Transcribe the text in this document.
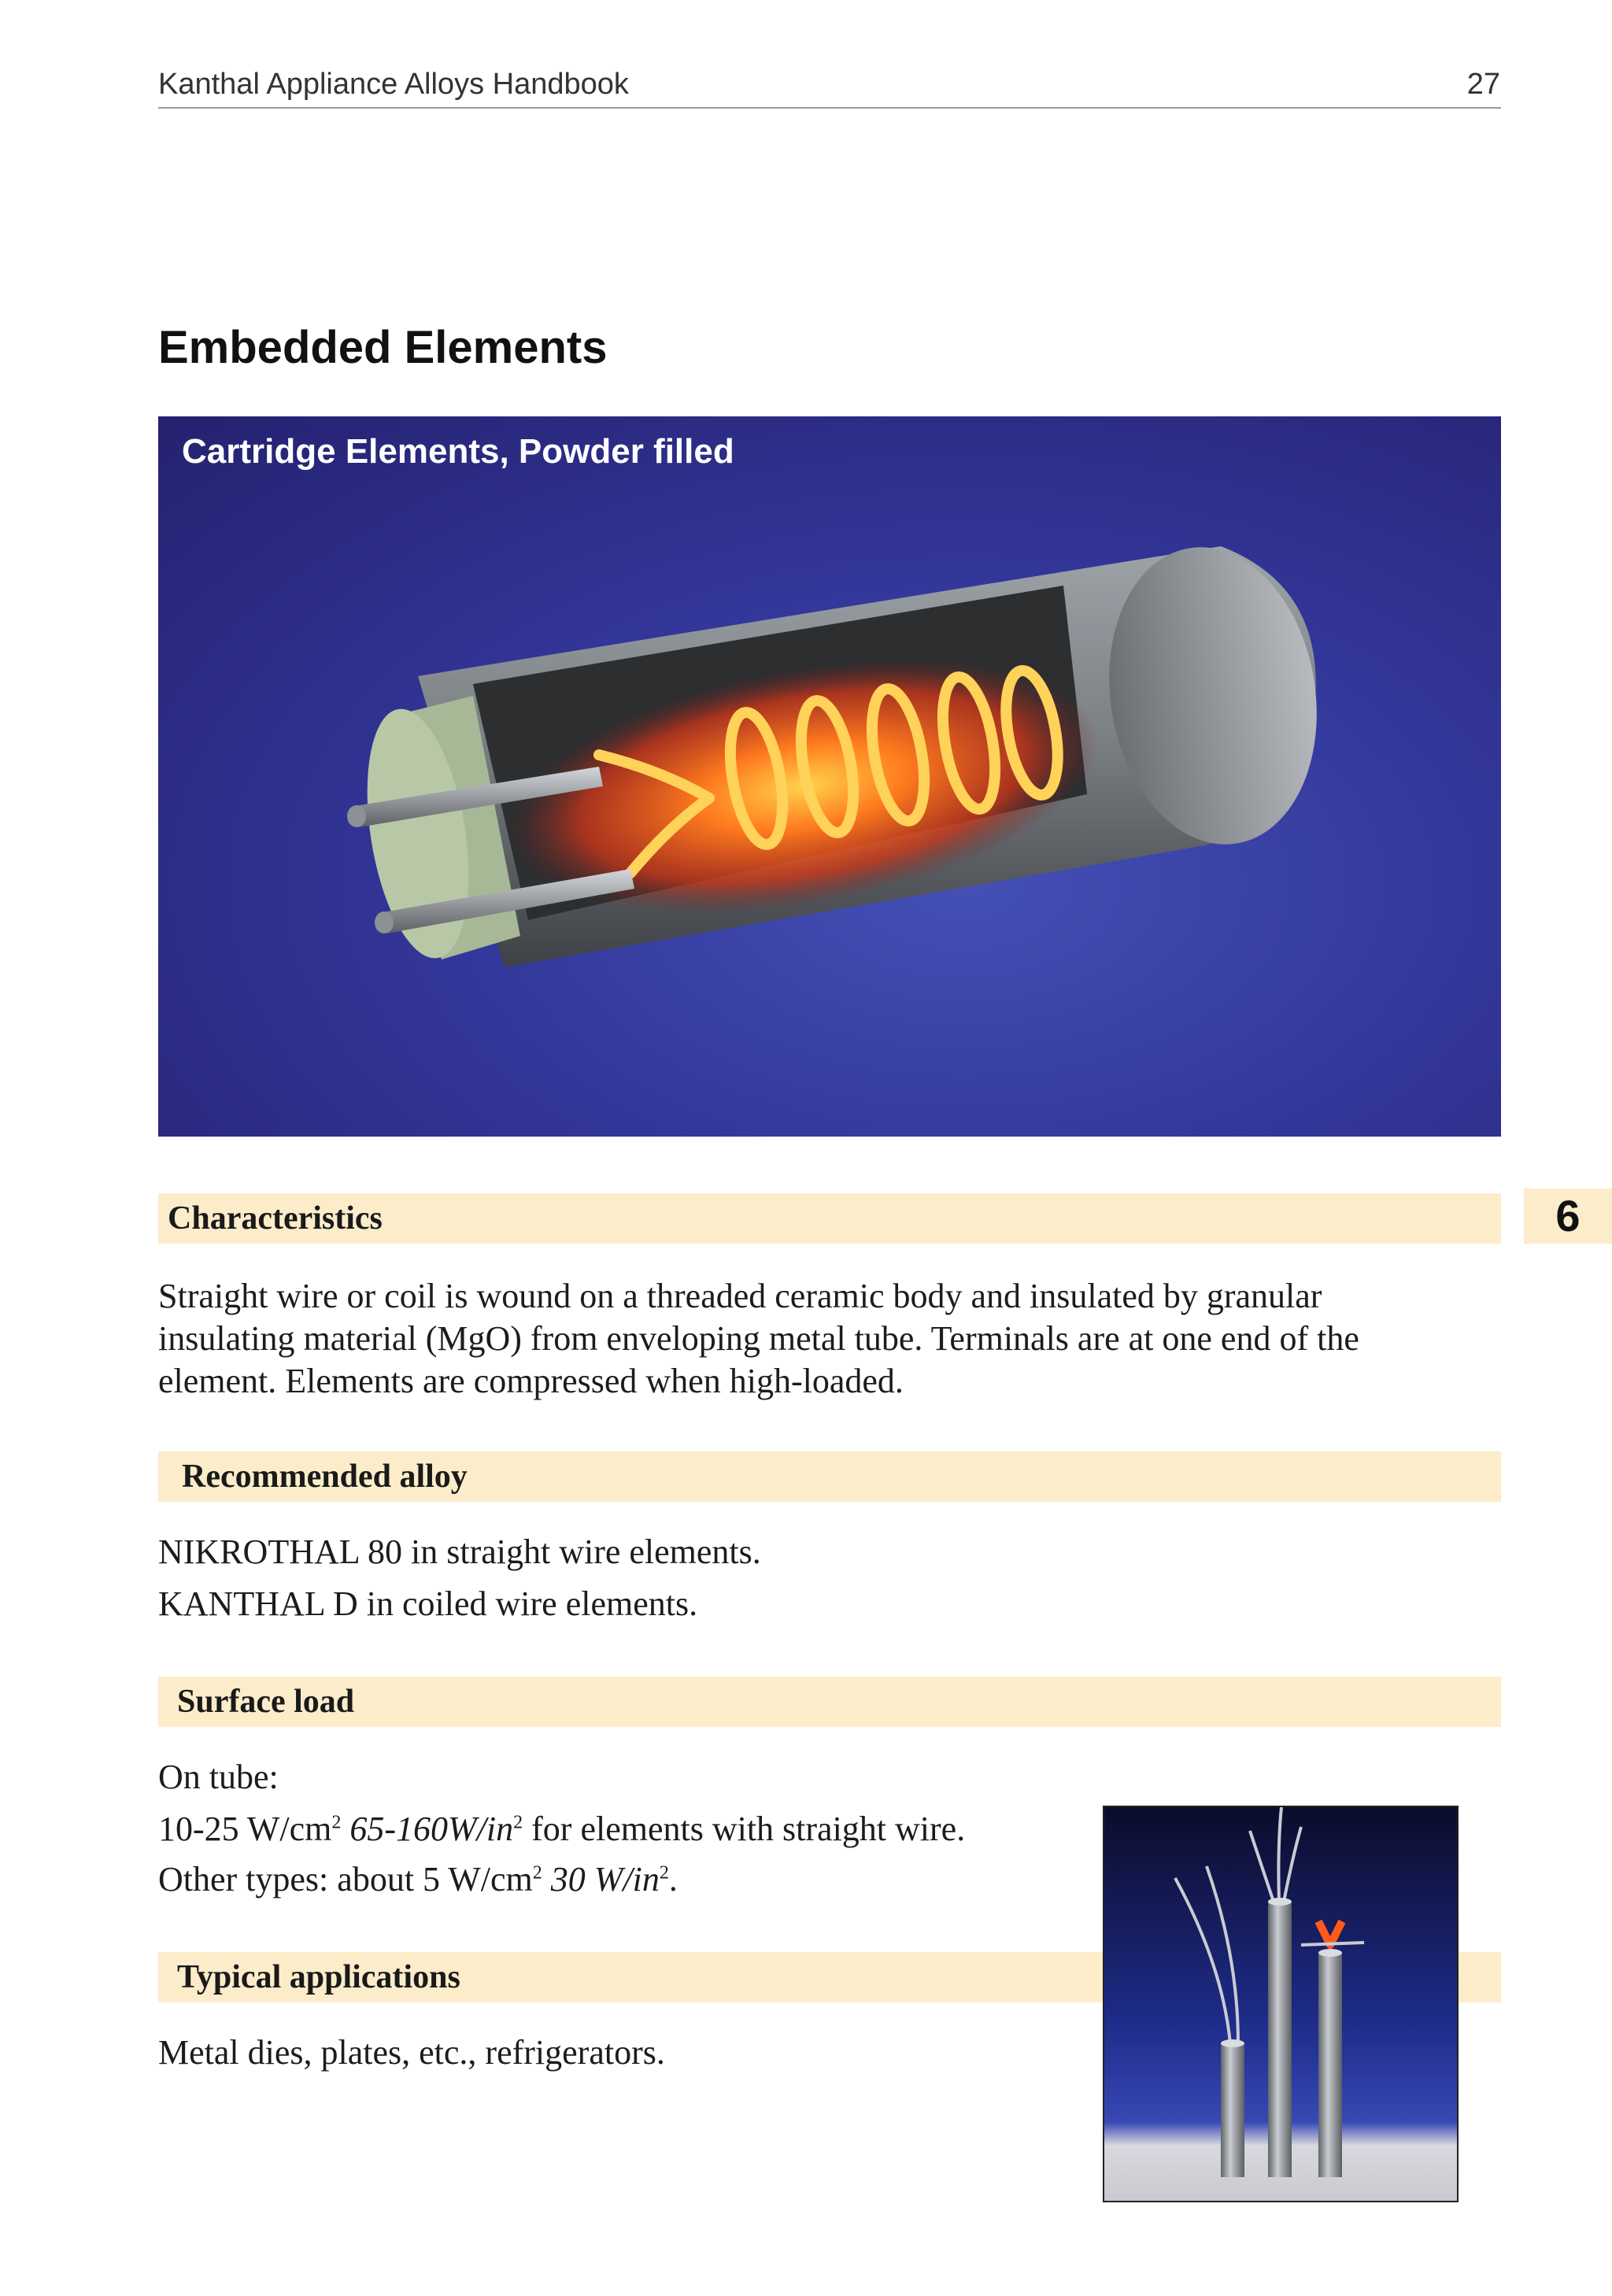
Kanthal Appliance Alloys Handbook	27
Embedded Elements
Cartridge Elements, Powder filled
6
Characteristics
Straight wire or coil is wound on a threaded ceramic body and insulated by granular
insulating material (MgO) from enveloping metal tube. Terminals are at one end of the
element. Elements are compressed when high-loaded.
Recommended alloy
NIKROTHAL 80 in straight wire elements.
KANTHAL D in coiled wire elements.
Surface load
On tube:
10-25 $W/cm^2$ $65-160W/in^2$ for elements with straight wire.
Other types: about 5 $W/cm^2$ 30 $W/in^2$.
Typical applications
Metal dies, plates, etc., refrigerators.
